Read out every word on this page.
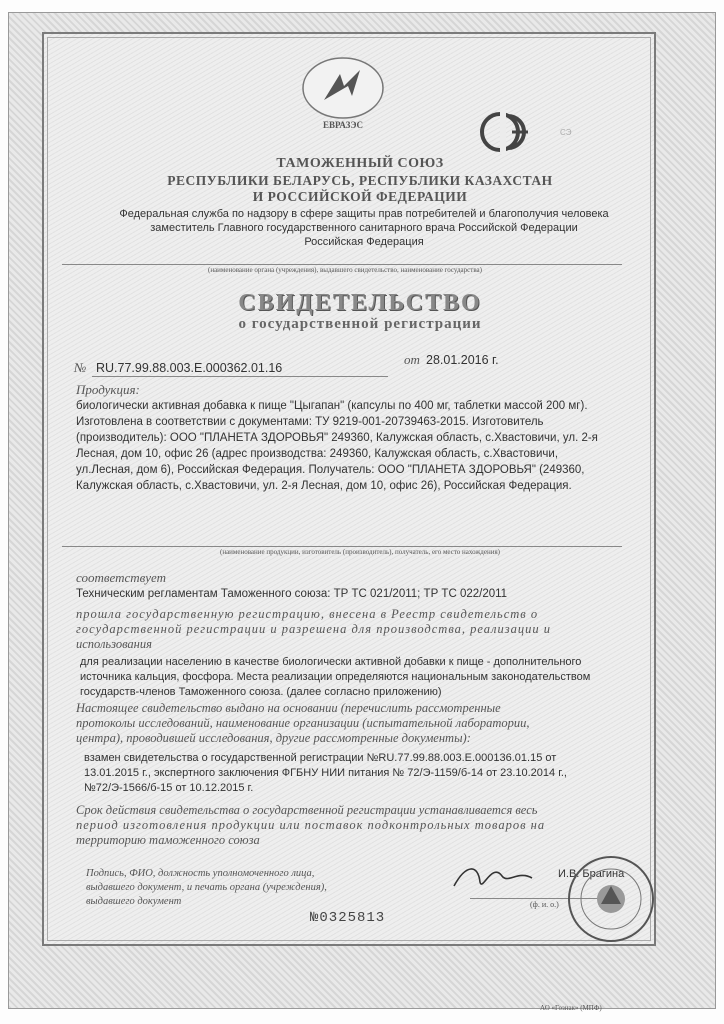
ЕВРАЗЭС
СЭ
ТАМОЖЕННЫЙ СОЮЗ
РЕСПУБЛИКИ БЕЛАРУСЬ, РЕСПУБЛИКИ КАЗАХСТАН
И РОССИЙСКОЙ ФЕДЕРАЦИИ
Федеральная служба по надзору в сфере защиты прав потребителей и благополучия человека
заместитель Главного государственного санитарного врача Российской Федерации
Российская Федерация
(наименование органа (учреждения), выдавшего свидетельство, наименование государства)
СВИДЕТЕЛЬСТВО
о государственной регистрации
№ RU.77.99.88.003.E.000362.01.16
от 28.01.2016 г.
Продукция:
биологически активная добавка к пище "Цыгапан" (капсулы по 400 мг, таблетки массой 200 мг).
Изготовлена в соответствии с документами: ТУ 9219-001-20739463-2015. Изготовитель
(производитель): ООО "ПЛАНЕТА ЗДОРОВЬЯ" 249360, Калужская область, с.Хвастовичи, ул. 2-я
Лесная, дом 10, офис 26 (адрес производства: 249360, Калужская область, с.Хвастовичи,
ул.Лесная, дом 6), Российская Федерация. Получатель: ООО "ПЛАНЕТА ЗДОРОВЬЯ" (249360,
Калужская область, с.Хвастовичи, ул. 2-я Лесная, дом 10, офис 26), Российская Федерация.
(наименование продукции, изготовитель (производитель), получатель, его место нахождения)
соответствует
Техническим регламентам Таможенного союза: ТР ТС 021/2011; ТР ТС 022/2011
прошла государственную регистрацию, внесена в Реестр свидетельств о
государственной регистрации и разрешена для производства, реализации и
использования
для реализации населению в качестве биологически активной добавки к пище - дополнительного
источника кальция, фосфора. Места реализации определяются национальным законодательством
государств-членов Таможенного союза. (далее согласно приложению)
Настоящее свидетельство выдано на основании (перечислить рассмотренные
протоколы исследований, наименование организации (испытательной лаборатории,
центра), проводившей исследования, другие рассмотренные документы):
взамен свидетельства о государственной регистрации №RU.77.99.88.003.E.000136.01.15 от
13.01.2015 г., экспертного заключения ФГБНУ НИИ питания № 72/Э-1159/б-14 от 23.10.2014 г.,
№72/Э-1566/б-15 от 10.12.2015 г.
Срок действия свидетельства о государственной регистрации устанавливается весь
период изготовления продукции или поставок подконтрольных товаров на
территорию таможенного союза
Подпись, ФИО, должность уполномоченного лица,
выдавшего документ, и печать органа (учреждения),
выдавшего документ
И.В. Брагина
(ф. и. о.)
№0325813
АО «Гознак» (МПФ)
